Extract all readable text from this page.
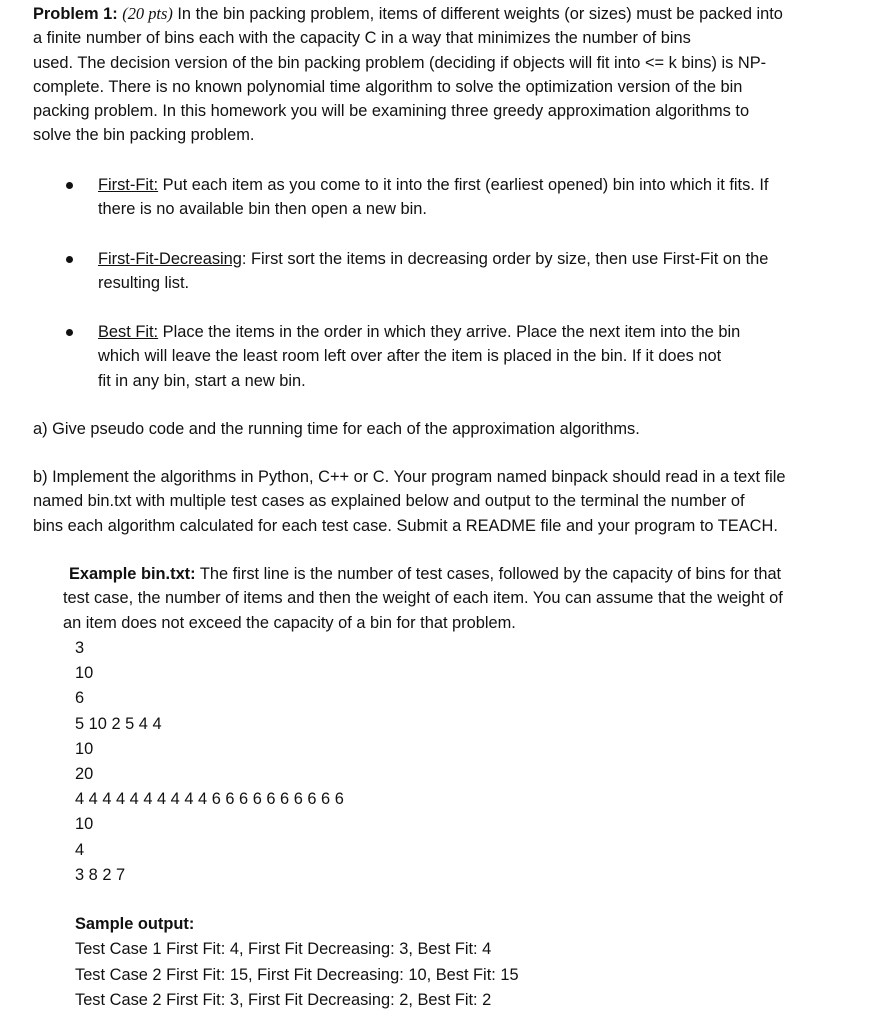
Problem 1: (20 pts) In the bin packing problem, items of different weights (or sizes) must be packed into
a finite number of bins each with the capacity C in a way that minimizes the number of bins
used. The decision version of the bin packing problem (deciding if objects will fit into <= k bins) is NP-
complete. There is no known polynomial time algorithm to solve the optimization version of the bin
packing problem. In this homework you will be examining three greedy approximation algorithms to
solve the bin packing problem.
First-Fit: Put each item as you come to it into the first (earliest opened) bin into which it fits. If
there is no available bin then open a new bin.
First-Fit-Decreasing: First sort the items in decreasing order by size, then use First-Fit on the
resulting list.
Best Fit: Place the items in the order in which they arrive. Place the next item into the bin
which will leave the least room left over after the item is placed in the bin. If it does not
fit in any bin, start a new bin.
a) Give pseudo code and the running time for each of the approximation algorithms.
b) Implement the algorithms in Python, C++ or C. Your program named binpack should read in a text file
named bin.txt with multiple test cases as explained below and output to the terminal the number of
bins each algorithm calculated for each test case. Submit a README file and your program to TEACH.
Example bin.txt: The first line is the number of test cases, followed by the capacity of bins for that
test case, the number of items and then the weight of each item. You can assume that the weight of
an item does not exceed the capacity of a bin for that problem.
3
10
6
5 10 2 5 4 4
10
20
4 4 4 4 4 4 4 4 4 4 6 6 6 6 6 6 6 6 6 6
10
4
3 8 2 7
Sample output:
Test Case 1 First Fit: 4, First Fit Decreasing: 3, Best Fit: 4
Test Case 2 First Fit: 15, First Fit Decreasing: 10, Best Fit: 15
Test Case 2 First Fit: 3, First Fit Decreasing: 2, Best Fit: 2
